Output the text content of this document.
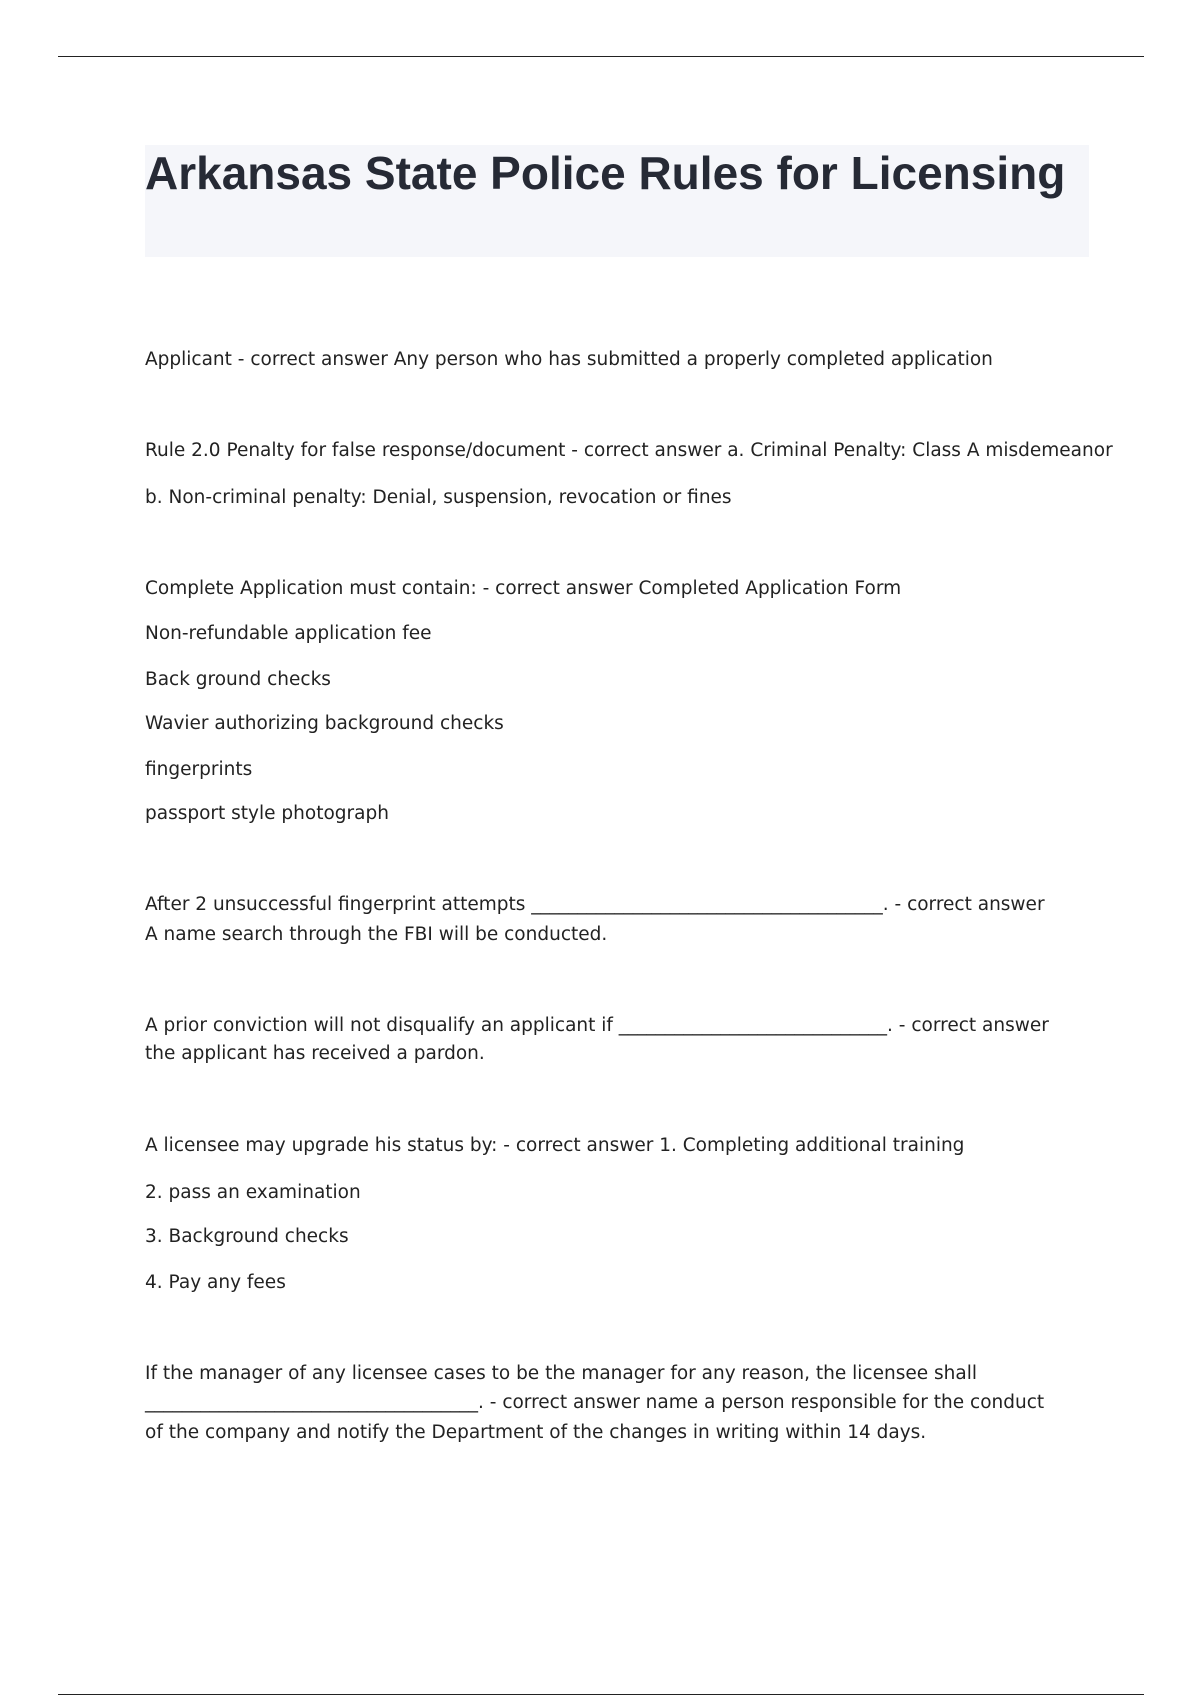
Arkansas State Police Rules for Licensing
Applicant - correct answer Any person who has submitted a properly completed application
Rule 2.0 Penalty for false response/document - correct answer a. Criminal Penalty: Class A misdemeanor
b. Non-criminal penalty: Denial, suspension, revocation or fines
Complete Application must contain: - correct answer Completed Application Form
Non-refundable application fee
Back ground checks
Wavier authorizing background checks
fingerprints
passport style photograph
After 2 unsuccessful fingerprint attempts ______________________________________. - correct answer
A name search through the FBI will be conducted.
A prior conviction will not disqualify an applicant if _____________________________. - correct answer
the applicant has received a pardon.
A licensee may upgrade his status by: - correct answer 1. Completing additional training
2. pass an examination
3. Background checks
4. Pay any fees
If the manager of any licensee cases to be the manager for any reason, the licensee shall
____________________________________. - correct answer name a person responsible for the conduct
of the company and notify the Department of the changes in writing within 14 days.
